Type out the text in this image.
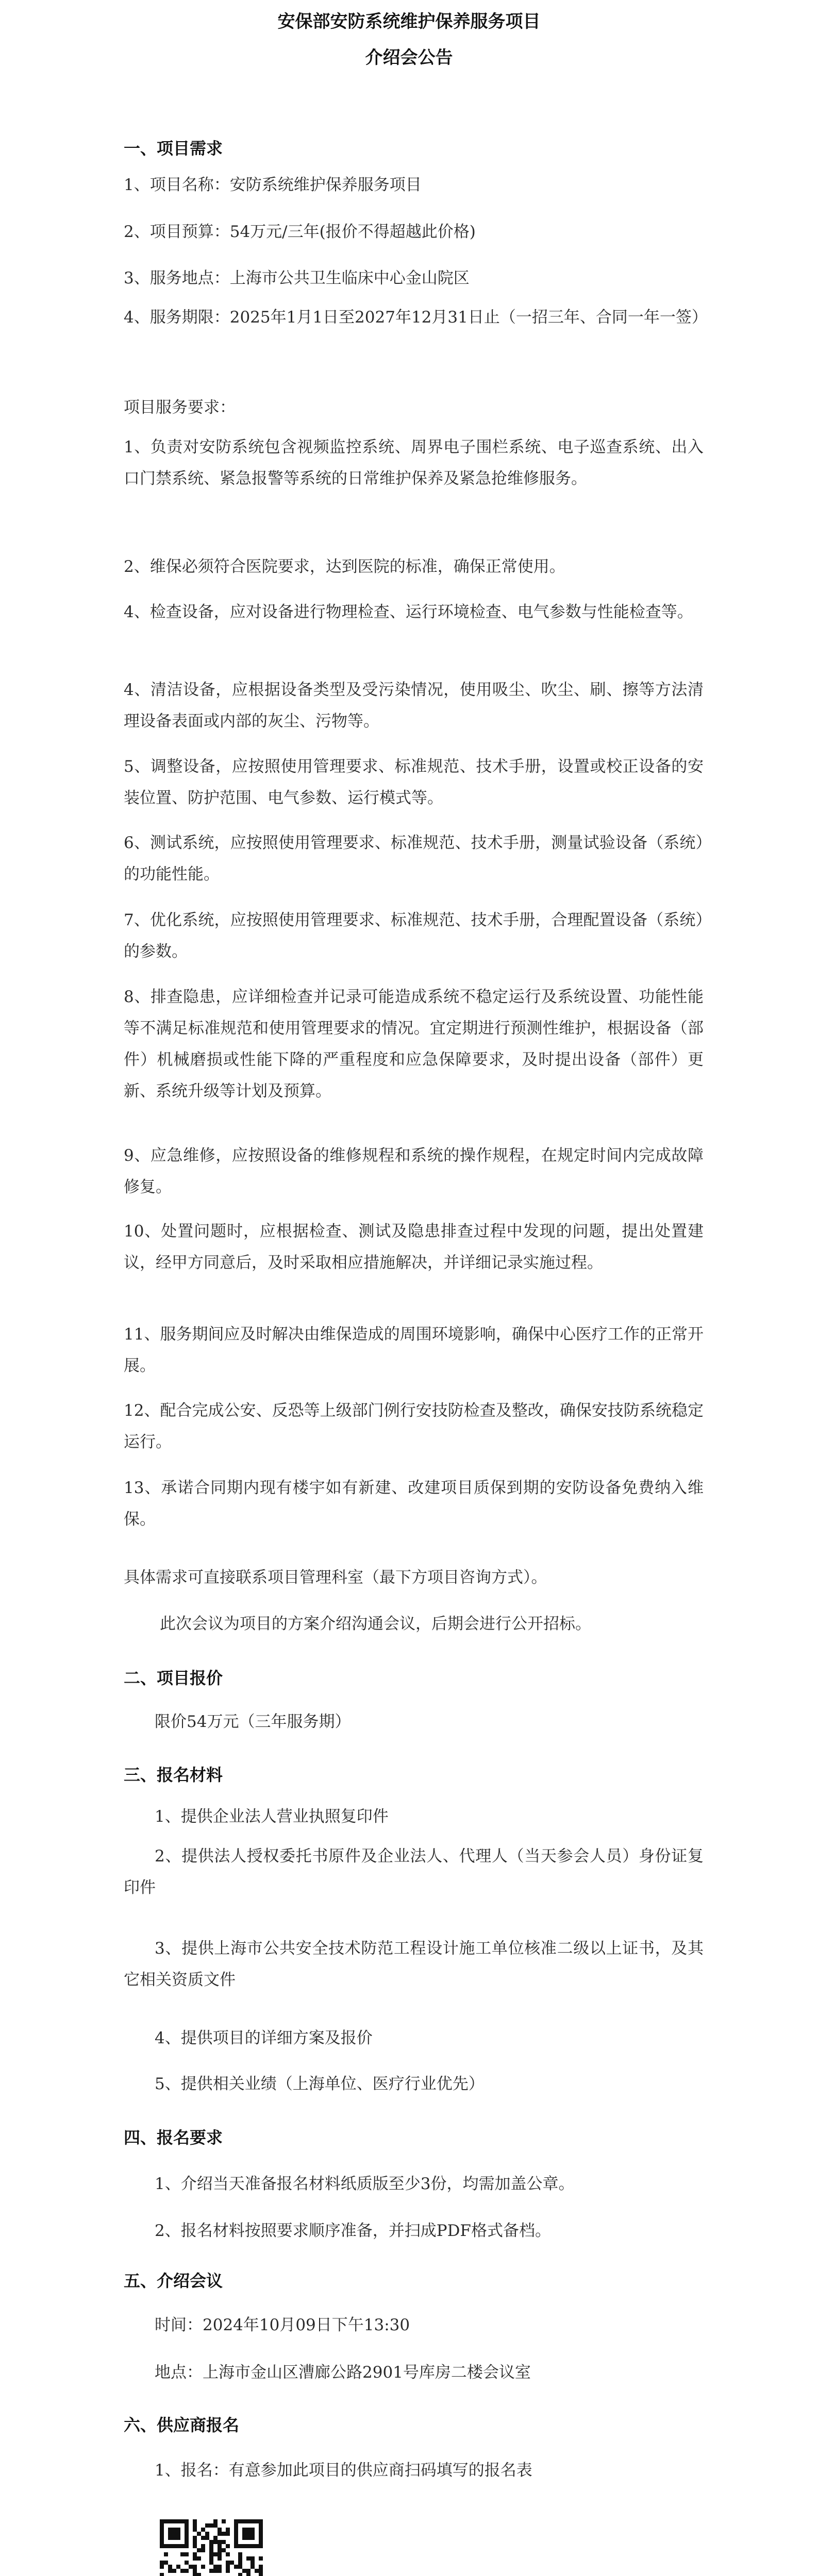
安保部安防系统维护保养服务项目
介绍会公告
一、项目需求
1、项目名称：安防系统维护保养服务项目
2、项目预算：54万元/三年(报价不得超越此价格)
3、服务地点：上海市公共卫生临床中心金山院区
4、服务期限：2025年1月1日至2027年12月31日止（一招三年、合同一年一签）
项目服务要求：
1、负责对安防系统包含视频监控系统、周界电子围栏系统、电子巡查系统、出入口门禁系统、紧急报警等系统的日常维护保养及紧急抢维修服务。
2、维保必须符合医院要求，达到医院的标准，确保正常使用。
4、检查设备，应对设备进行物理检查、运行环境检查、电气参数与性能检查等。
4、清洁设备，应根据设备类型及受污染情况，使用吸尘、吹尘、刷、擦等方法清理设备表面或内部的灰尘、污物等。
5、调整设备，应按照使用管理要求、标准规范、技术手册，设置或校正设备的安装位置、防护范围、电气参数、运行模式等。
6、测试系统，应按照使用管理要求、标准规范、技术手册，测量试验设备（系统）的功能性能。
7、优化系统，应按照使用管理要求、标准规范、技术手册，合理配置设备（系统）的参数。
8、排查隐患，应详细检查并记录可能造成系统不稳定运行及系统设置、功能性能等不满足标准规范和使用管理要求的情况。宜定期进行预测性维护，根据设备（部件）机械磨损或性能下降的严重程度和应急保障要求，及时提出设备（部件）更新、系统升级等计划及预算。
9、应急维修，应按照设备的维修规程和系统的操作规程，在规定时间内完成故障修复。
10、处置问题时，应根据检查、测试及隐患排查过程中发现的问题，提出处置建议，经甲方同意后，及时采取相应措施解决，并详细记录实施过程。
11、服务期间应及时解决由维保造成的周围环境影响，确保中心医疗工作的正常开展。
12、配合完成公安、反恐等上级部门例行安技防检查及整改，确保安技防系统稳定运行。
13、承诺合同期内现有楼宇如有新建、改建项目质保到期的安防设备免费纳入维保。
具体需求可直接联系项目管理科室（最下方项目咨询方式）。
此次会议为项目的方案介绍沟通会议，后期会进行公开招标。
二、项目报价
限价54万元（三年服务期）
三、报名材料
1、提供企业法人营业执照复印件
2、提供法人授权委托书原件及企业法人、代理人（当天参会人员）身份证复印件
3、提供上海市公共安全技术防范工程设计施工单位核准二级以上证书，及其它相关资质文件
4、提供项目的详细方案及报价
5、提供相关业绩（上海单位、医疗行业优先）
四、报名要求
1、介绍当天准备报名材料纸质版至少3份，均需加盖公章。
2、报名材料按照要求顺序准备，并扫成PDF格式备档。
五、介绍会议
时间：2024年10月09日下午13:30
地点：上海市金山区漕廊公路2901号库房二楼会议室
六、供应商报名
1、报名：有意参加此项目的供应商扫码填写的报名表
